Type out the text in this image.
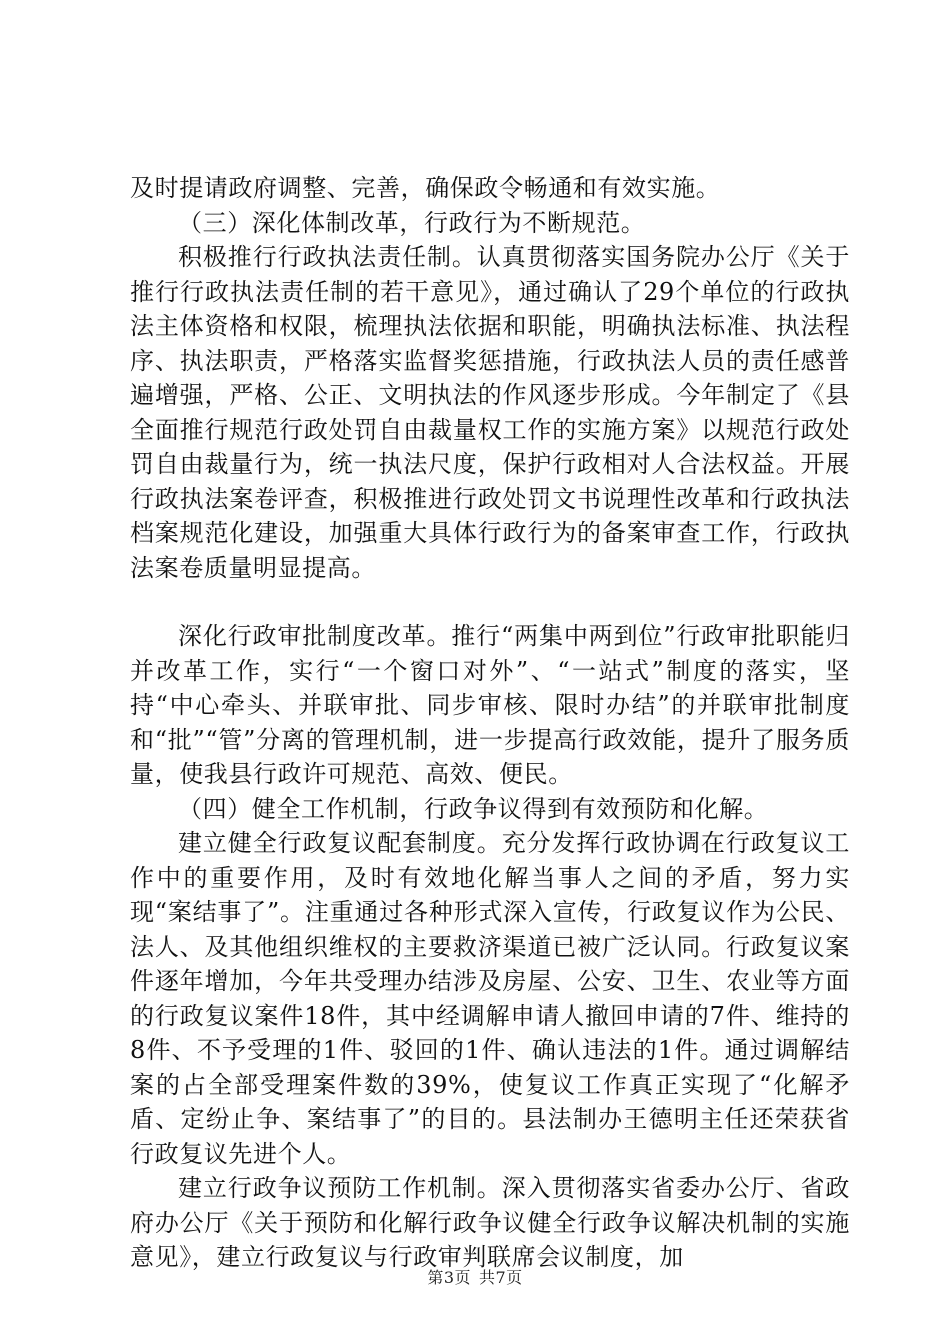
及时提请政府调整、完善，确保政令畅通和有效实施。

（三）深化体制改革，行政行为不断规范。

积极推行行政执法责任制。认真贯彻落实国务院办公厅《关于推行行政执法责任制的若干意见》，通过确认了29个单位的行政执法主体资格和权限，梳理执法依据和职能，明确执法标准、执法程序、执法职责，严格落实监督奖惩措施，行政执法人员的责任感普遍增强，严格、公正、文明执法的作风逐步形成。今年制定了《县全面推行规范行政处罚自由裁量权工作的实施方案》以规范行政处罚自由裁量行为，统一执法尺度，保护行政相对人合法权益。开展行政执法案卷评查，积极推进行政处罚文书说理性改革和行政执法档案规范化建设，加强重大具体行政行为的备案审查工作，行政执法案卷质量明显提高。

深化行政审批制度改革。推行“两集中两到位”行政审批职能归并改革工作，实行“一个窗口对外”、“一站式”制度的落实，坚持“中心牵头、并联审批、同步审核、限时办结”的并联审批制度和“批”“管”分离的管理机制，进一步提高行政效能，提升了服务质量，使我县行政许可规范、高效、便民。

（四）健全工作机制，行政争议得到有效预防和化解。

建立健全行政复议配套制度。充分发挥行政协调在行政复议工作中的重要作用，及时有效地化解当事人之间的矛盾，努力实现“案结事了”。注重通过各种形式深入宣传，行政复议作为公民、法人、及其他组织维权的主要救济渠道已被广泛认同。行政复议案件逐年增加，今年共受理办结涉及房屋、公安、卫生、农业等方面的行政复议案件18件，其中经调解申请人撤回申请的7件、维持的8件、不予受理的1件、驳回的1件、确认违法的1件。通过调解结案的占全部受理案件数的39%，使复议工作真正实现了“化解矛盾、定纷止争、案结事了”的目的。县法制办王德明主任还荣获省行政复议先进个人。

建立行政争议预防工作机制。深入贯彻落实省委办公厅、省政府办公厅《关于预防和化解行政争议健全行政争议解决机制的实施意见》，建立行政复议与行政审判联席会议制度，加

第3页 共7页
